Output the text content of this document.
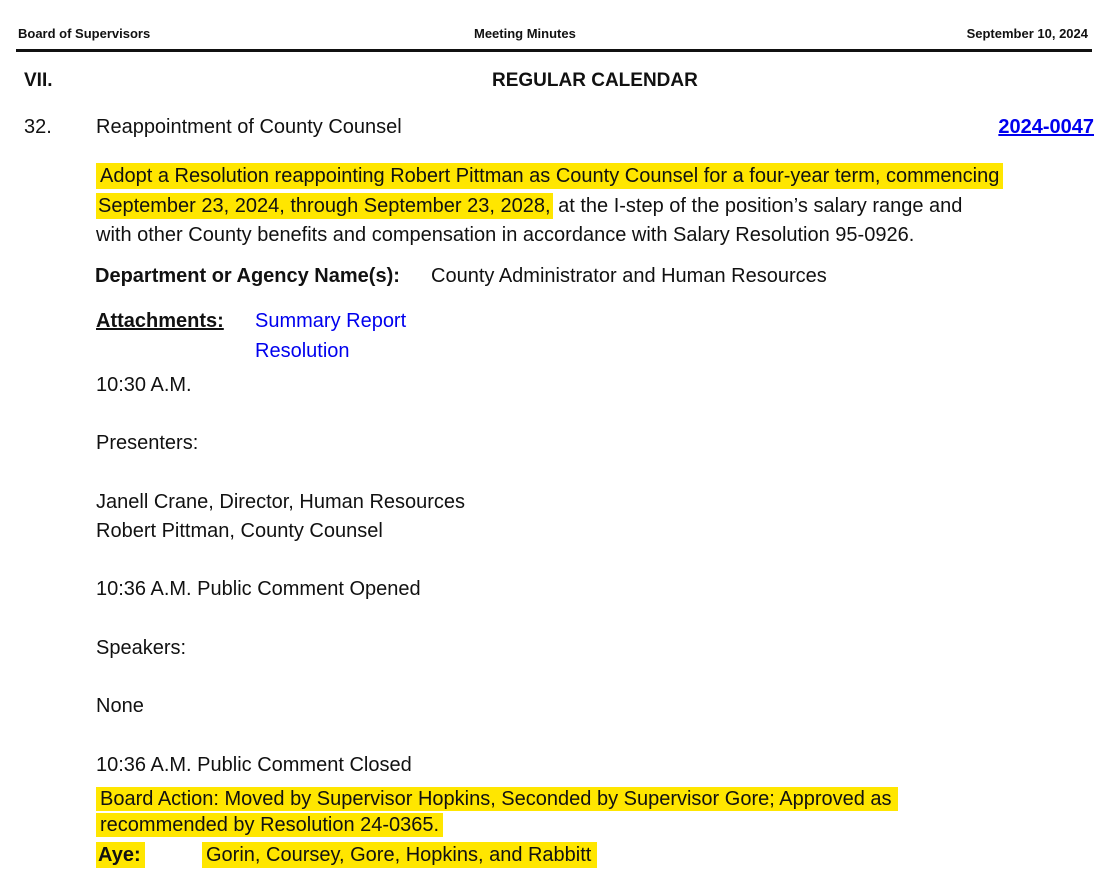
Board of Supervisors	Meeting Minutes	September 10, 2024
VII.	REGULAR CALENDAR
32. Reappointment of County Counsel	2024-0047
Adopt a Resolution reappointing Robert Pittman as County Counsel for a four-year term, commencing
September 23, 2024, through September 23, 2028, at the I-step of the position’s salary range and
with other County benefits and compensation in accordance with Salary Resolution 95-0926.
Department or Agency Name(s): County Administrator and Human Resources
Attachments: Summary Report
Resolution
10:30 A.M.
Presenters:
Janell Crane, Director, Human Resources
Robert Pittman, County Counsel
10:36 A.M. Public Comment Opened
Speakers:
None
10:36 A.M. Public Comment Closed
Board Action: Moved by Supervisor Hopkins, Seconded by Supervisor Gore; Approved as
recommended by Resolution 24-0365.
Aye:	Gorin, Coursey, Gore, Hopkins, and Rabbitt
